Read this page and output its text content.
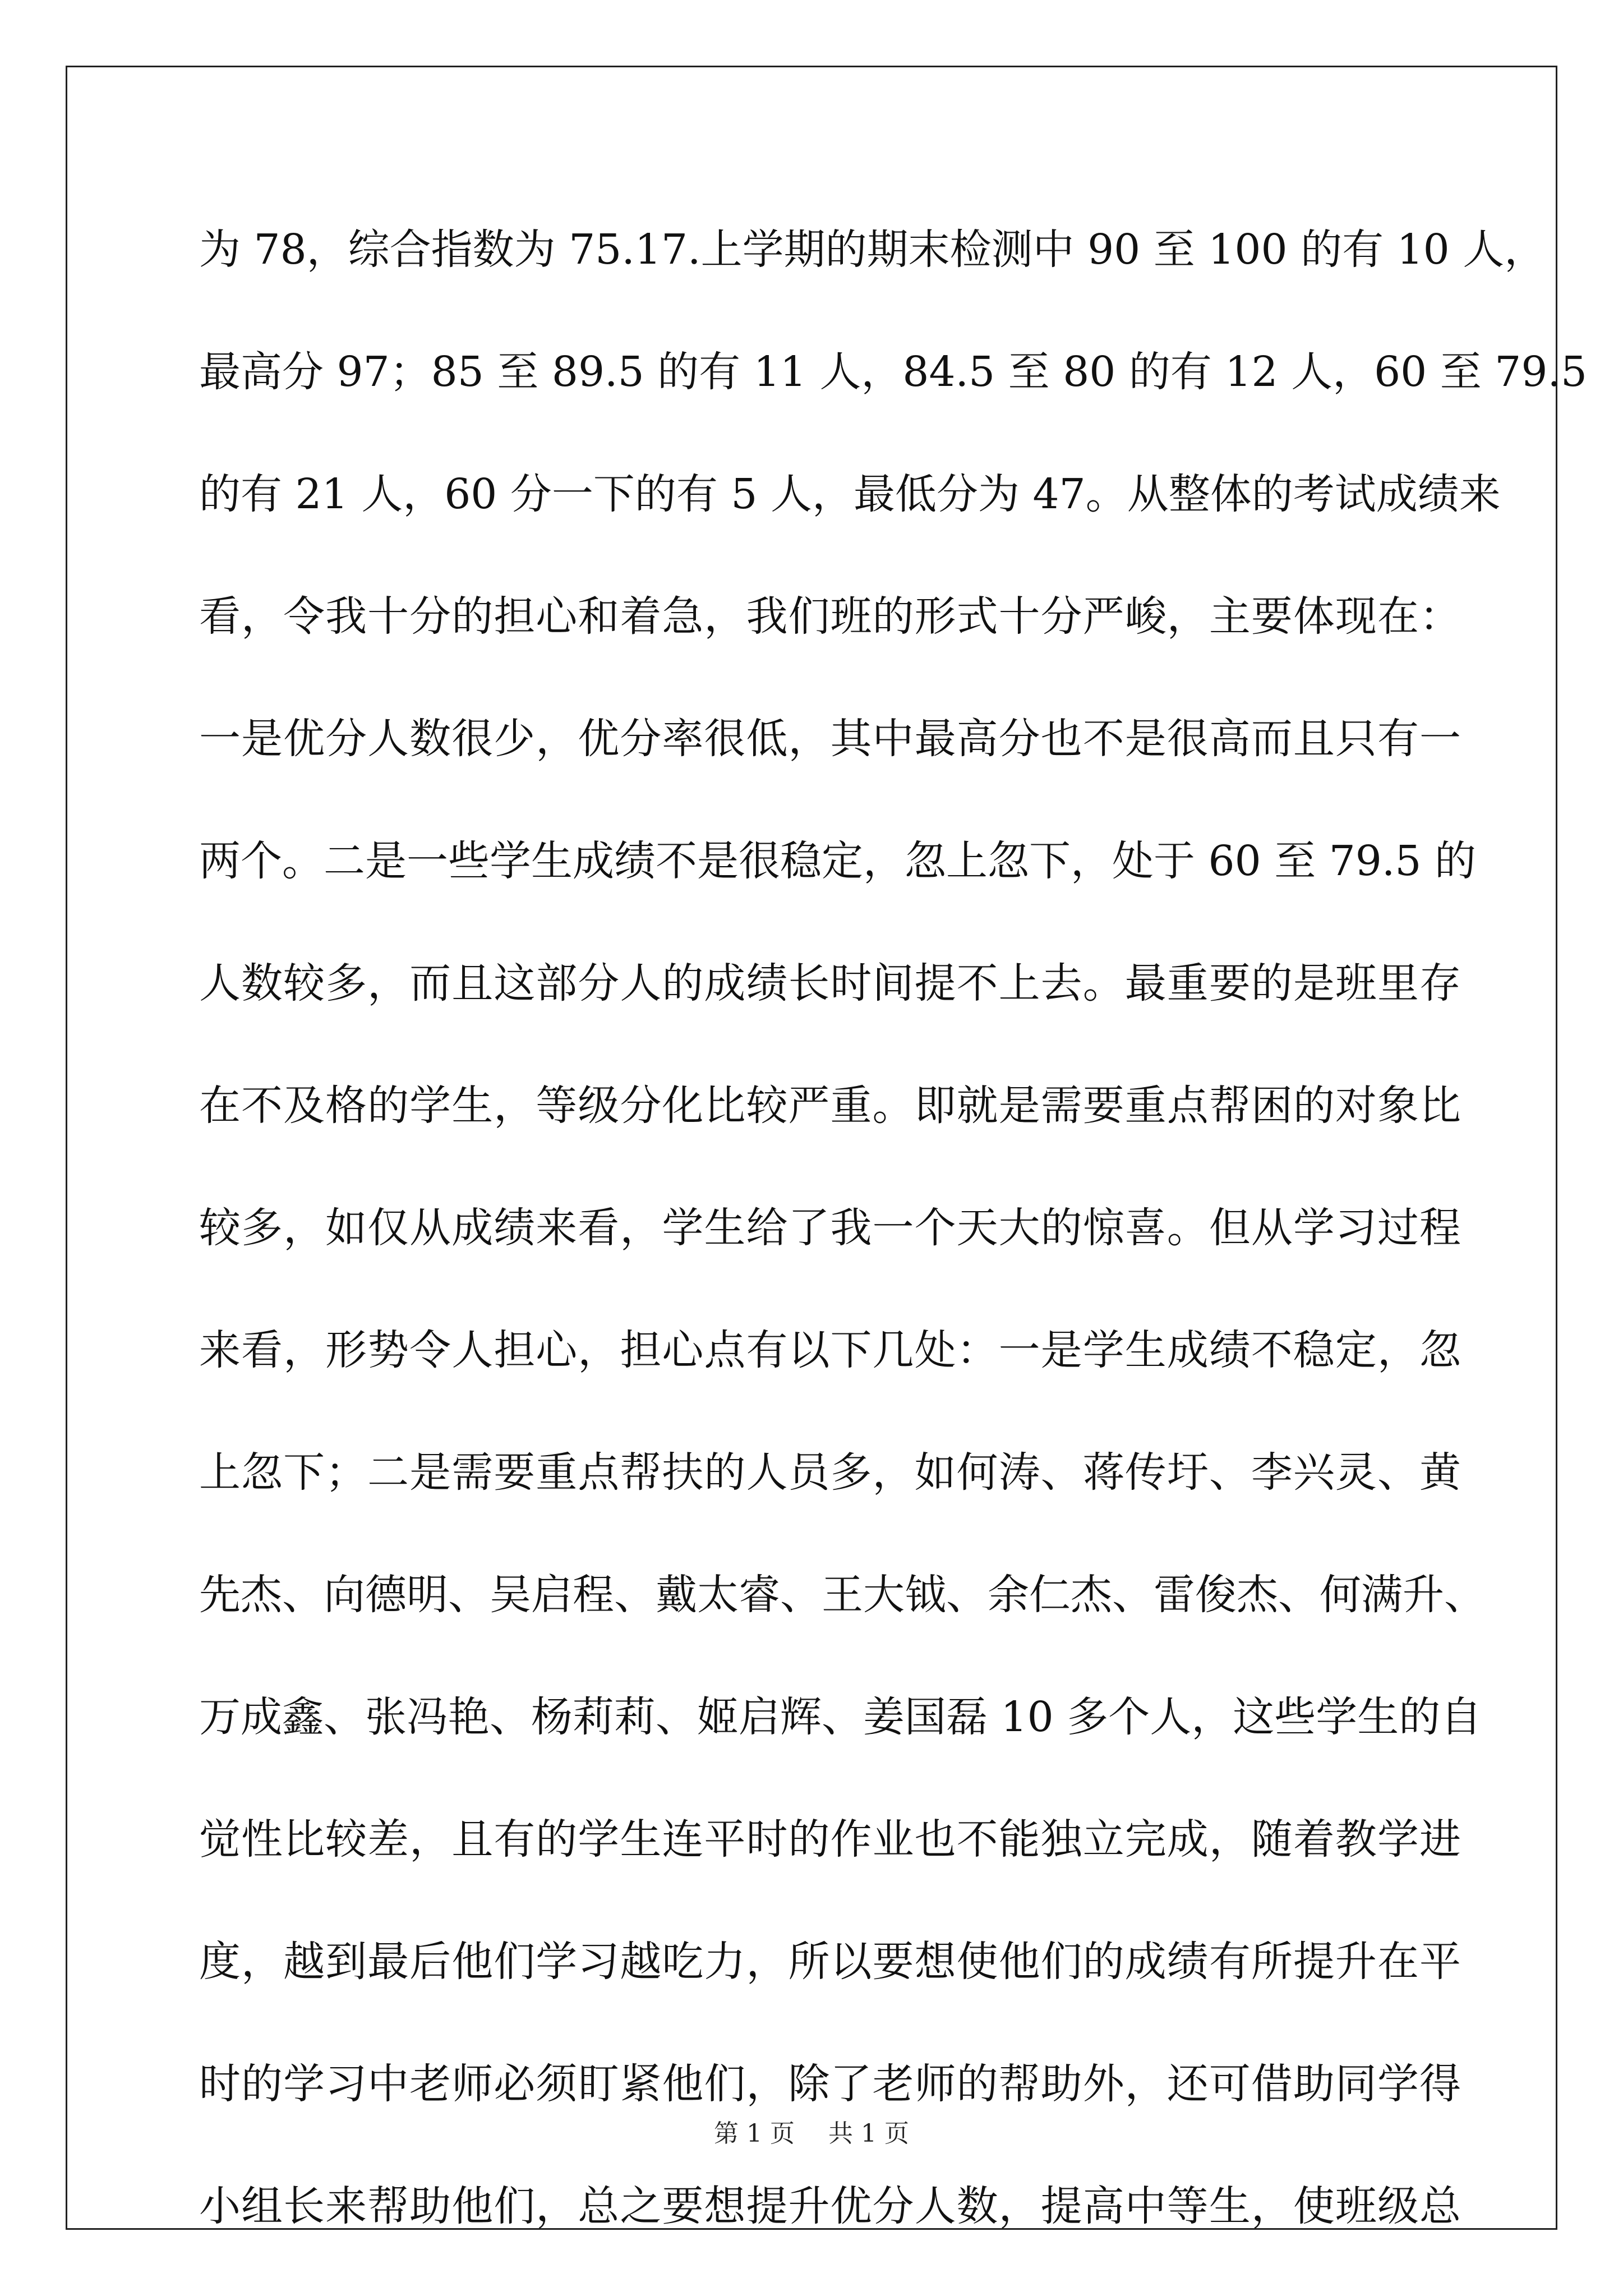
为 78，综合指数为 75.17.上学期的期末检测中 90 至 100 的有 10 人，
最高分 97；85 至 89.5 的有 11 人，84.5 至 80 的有 12 人，60 至 79.5
的有 21 人，60 分一下的有 5 人，最低分为 47。从整体的考试成绩来
看，令我十分的担心和着急，我们班的形式十分严峻，主要体现在：
一是优分人数很少，优分率很低，其中最高分也不是很高而且只有一
两个。二是一些学生成绩不是很稳定，忽上忽下，处于 60 至 79.5 的
人数较多，而且这部分人的成绩长时间提不上去。最重要的是班里存
在不及格的学生，等级分化比较严重。即就是需要重点帮困的对象比
较多，如仅从成绩来看，学生给了我一个天大的惊喜。但从学习过程
来看，形势令人担心，担心点有以下几处：一是学生成绩不稳定，忽
上忽下；二是需要重点帮扶的人员多，如何涛、蒋传圩、李兴灵、黄
先杰、向德明、吴启程、戴太睿、王大钺、余仁杰、雷俊杰、何满升、
万成鑫、张冯艳、杨莉莉、姬启辉、姜国磊 10 多个人，这些学生的自
觉性比较差，且有的学生连平时的作业也不能独立完成，随着教学进
度，越到最后他们学习越吃力，所以要想使他们的成绩有所提升在平
时的学习中老师必须盯紧他们，除了老师的帮助外，还可借助同学得
小组长来帮助他们，总之要想提升优分人数，提高中等生，使班级总
第 1 页 共 1 页
